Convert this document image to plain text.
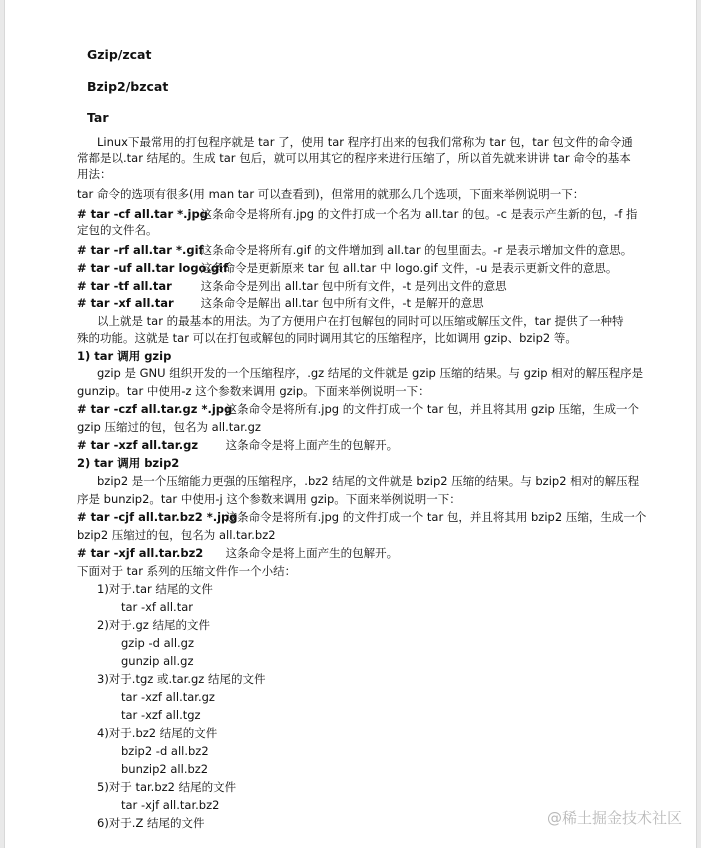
Gzip/zcat
Bzip2/bzcat
Tar
Linux下最常用的打包程序就是 tar 了，使用 tar 程序打出来的包我们常称为 tar 包，tar 包文件的命令通
常都是以.tar 结尾的。生成 tar 包后，就可以用其它的程序来进行压缩了，所以首先就来讲讲 tar 命令的基本
用法：
tar 命令的选项有很多(用 man tar 可以查看到)，但常用的就那么几个选项，下面来举例说明一下：
# tar -cf all.tar *.jpg 这条命令是将所有.jpg 的文件打成一个名为 all.tar 的包。-c 是表示产生新的包，-f 指
定包的文件名。
# tar -rf all.tar *.gif 这条命令是将所有.gif 的文件增加到 all.tar 的包里面去。-r 是表示增加文件的意思。
# tar -uf all.tar logo.gif 这条命令是更新原来 tar 包 all.tar 中 logo.gif 文件，-u 是表示更新文件的意思。
# tar -tf all.tar	这条命令是列出 all.tar 包中所有文件，-t 是列出文件的意思
# tar -xf all.tar 这条命令是解出 all.tar 包中所有文件，-t 是解开的意思
以上就是 tar 的最基本的用法。为了方便用户在打包解包的同时可以压缩或解压文件，tar 提供了一种特
殊的功能。这就是 tar 可以在打包或解包的同时调用其它的压缩程序，比如调用 gzip、bzip2 等。
1) tar 调用 gzip
gzip 是 GNU 组织开发的一个压缩程序，.gz 结尾的文件就是 gzip 压缩的结果。与 gzip 相对的解压程序是
gunzip。tar 中使用-z 这个参数来调用 gzip。下面来举例说明一下：
# tar -czf all.tar.gz *.jpg 这条命令是将所有.jpg 的文件打成一个 tar 包，并且将其用 gzip 压缩，生成一个
gzip 压缩过的包，包名为 all.tar.gz
# tar -xzf all.tar.gz 这条命令是将上面产生的包解开。
2) tar 调用 bzip2
bzip2 是一个压缩能力更强的压缩程序，.bz2 结尾的文件就是 bzip2 压缩的结果。与 bzip2 相对的解压程
序是 bunzip2。tar 中使用-j 这个参数来调用 gzip。下面来举例说明一下：
# tar -cjf all.tar.bz2 *.jpg 这条命令是将所有.jpg 的文件打成一个 tar 包，并且将其用 bzip2 压缩，生成一个
bzip2 压缩过的包，包名为 all.tar.bz2
# tar -xjf all.tar.bz2 这条命令是将上面产生的包解开。
下面对于 tar 系列的压缩文件作一个小结：
1)对于.tar 结尾的文件
tar -xf all.tar
2)对于.gz 结尾的文件
gzip -d all.gz
gunzip all.gz
3)对于.tgz 或.tar.gz 结尾的文件
tar -xzf all.tar.gz
tar -xzf all.tgz
4)对于.bz2 结尾的文件
bzip2 -d all.bz2
bunzip2 all.bz2
5)对于 tar.bz2 结尾的文件
tar -xjf all.tar.bz2
6)对于.Z 结尾的文件	@稀土掘金技术社区
